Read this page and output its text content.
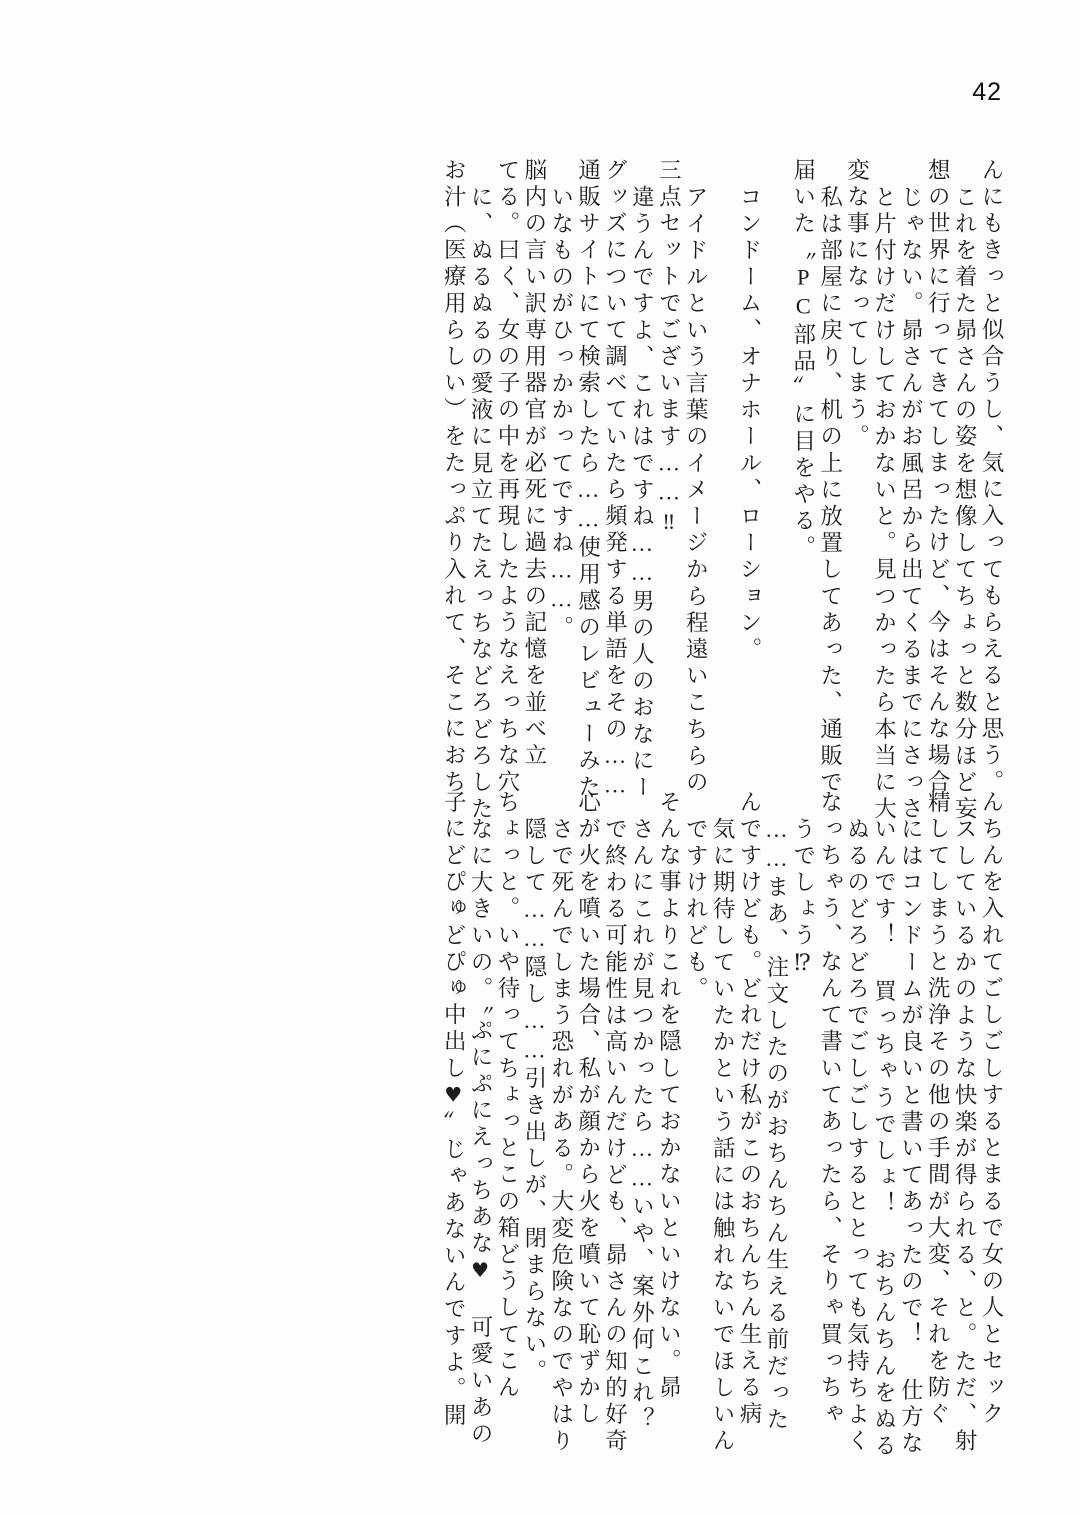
42
んにもきっと似合うし、気に入ってもらえると思う。
これを着た昴さんの姿を想像してちょっと数分ほど妄
想の世界に行ってきてしまったけど、今はそんな場合
じゃない。昴さんがお風呂から出てくるまでにさっさ
と片付けだけしておかないと。見つかったら本当に大
変な事になってしまう。
私は部屋に戻り、机の上に放置してあった、通販で
届いた〝PC部品〟に目をやる。
コンドーム、オナホール、ローション。
アイドルという言葉のイメージから程遠いこちらの
三点セットでございます……‼
違うんですよ、これはですね……男の人のおなにー
グッズについて調べていたら頻発する単語をその……
通販サイトにて検索したら……使用感のレビューみた
いなものがひっかかってですね……。
脳内の言い訳専用器官が必死に過去の記憶を並べ立
てる。曰く、女の子の中を再現したようなえっちな穴
に、ぬるぬるの愛液に見立てたえっちなどろどろした
お汁（医療用らしい）をたっぷり入れて、そこにおち
んちんを入れてごしごしするとまるで女の人とセック
スしているかのような快楽が得られる、と。ただ、射
精してしまうと洗浄その他の手間が大変、それを防ぐ
にはコンドームが良いと書いてあったので！ 仕方な
いんです！ 買っちゃうでしょ！ おちんちんをぬる
ぬるのどろどろでごしごしするととっても気持ちよく
なっちゃう、なんて書いてあったら、そりゃ買っちゃ
うでしょう⁉
……まあ、注文したのがおちんちん生える前だった
んですけども。どれだけ私がこのおちんちん生える病
気に期待していたかという話には触れないでほしいん
ですけれども。
そんな事よりこれを隠しておかないといけない。昴
さんにこれが見つかったら……いや、案外何これ？
で終わる可能性は高いんだけども、昴さんの知的好奇
心が火を噴いた場合、私が顔から火を噴いて恥ずかし
さで死んでしまう恐れがある。大変危険なのでやはり
隠して……隠し……引き出しが、閉まらない。
ちょっと。いや待ってちょっとこの箱どうしてこん
なに大きいの。〝ぷにぷにえっちあな♥ 可愛いあの
子にどぴゅどぴゅ中出し♥〟じゃあないんですよ。開
